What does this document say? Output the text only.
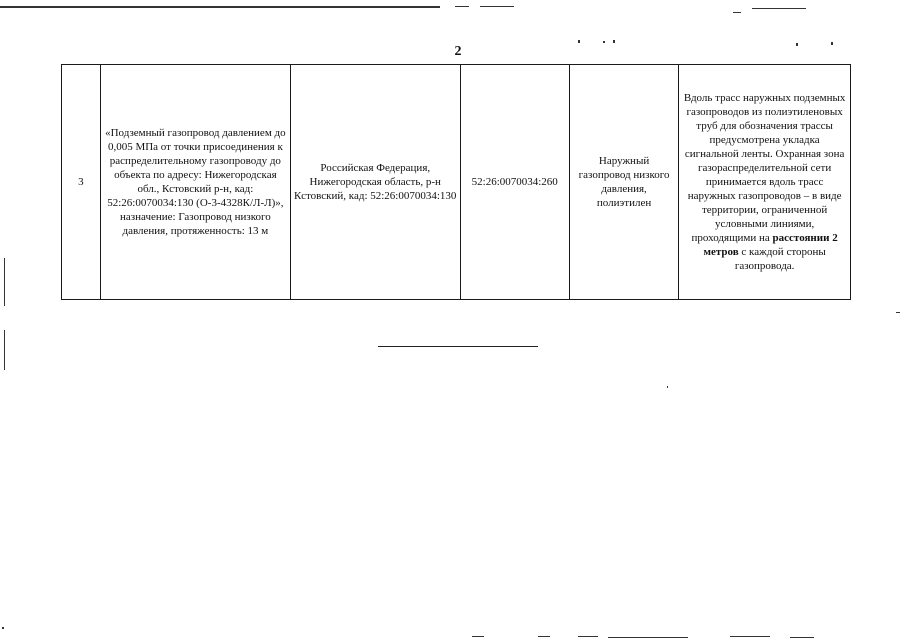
2
3	«Подземный газопровод давлением до 0,005 МПа от точки присоединения к распределительному газопроводу до объекта по адресу: Нижегородская обл., Кстовский р-н, кад: 52:26:0070034:130 (О-3-4328К/Л-Л)», назначение: Газопровод низкого давления, протяженность: 13 м	Российская Федерация, Нижегородская область, р-н Кстовский, кад: 52:26:0070034:130	52:26:0070034:260	Наружный газопровод низкого давления, полиэтилен	Вдоль трасс наружных подземных газопроводов из полиэтиленовых труб для обозначения трассы предусмотрена укладка сигнальной ленты. Охранная зона газораспределительной сети принимается вдоль трасс наружных газопроводов – в виде территории, ограниченной условными линиями, проходящими на расстоянии 2 метров с каждой стороны газопровода.
